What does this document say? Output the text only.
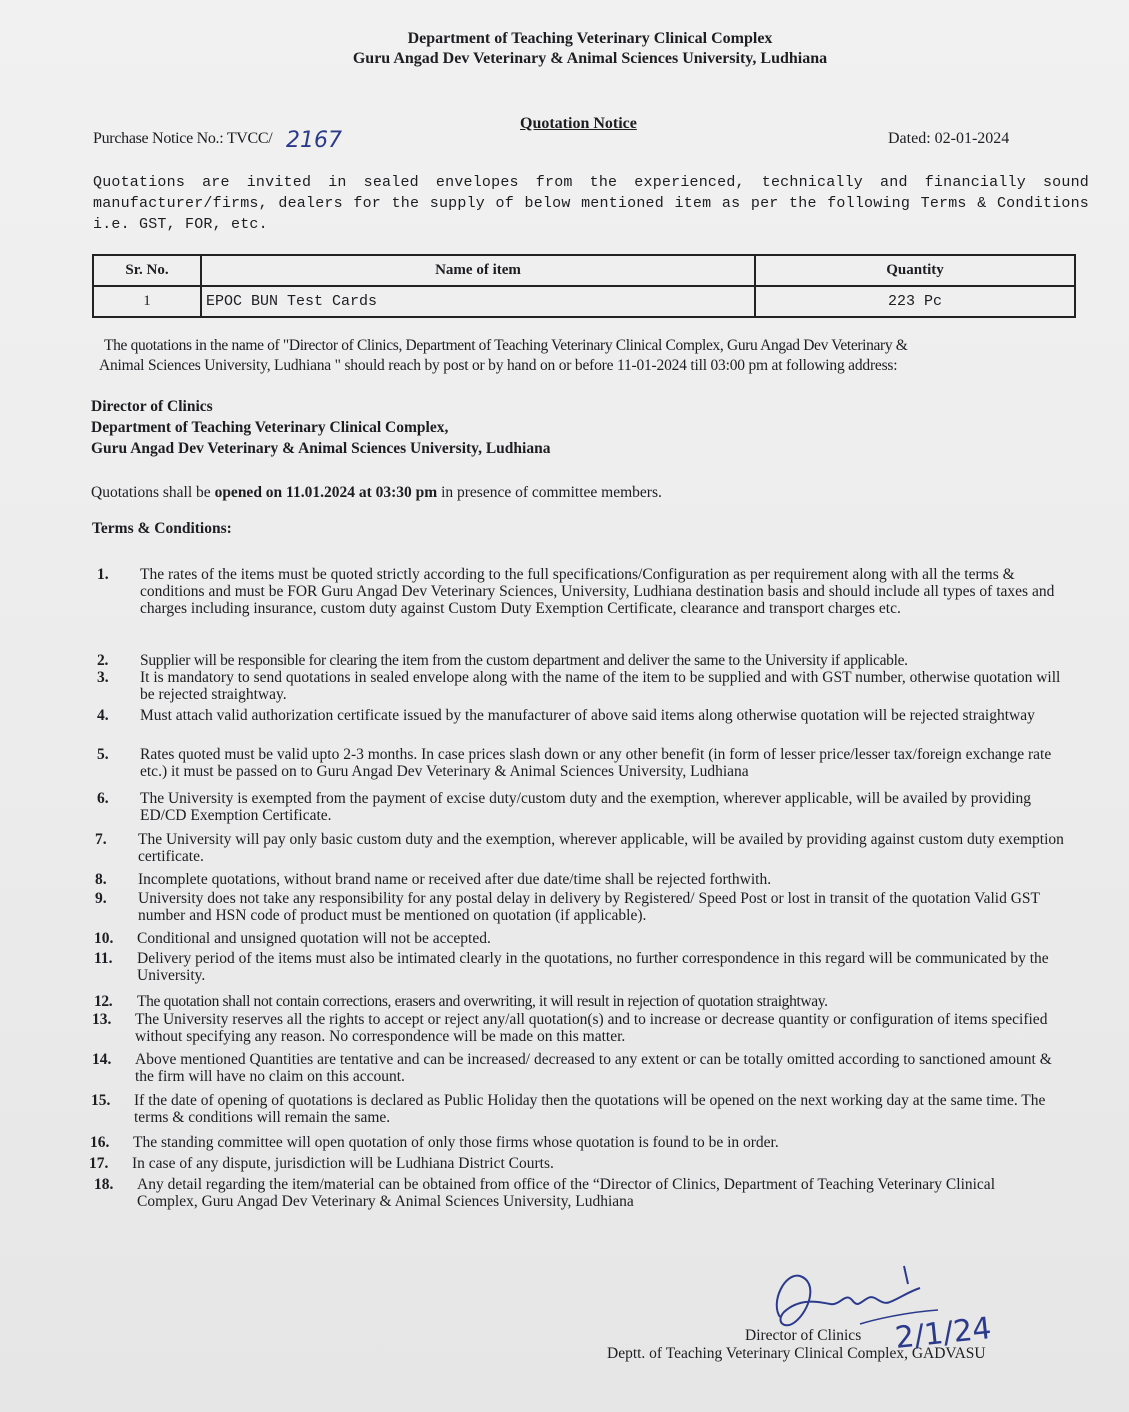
Department of Teaching Veterinary Clinical Complex
Guru Angad Dev Veterinary & Animal Sciences University, Ludhiana
Quotation Notice
Purchase Notice No.: TVCC/ 2167	Dated: 02-01-2024
Quotations are invited in sealed envelopes from the experienced, technically and financially sound manufacturer/firms, dealers for the supply of below mentioned item as per the following Terms & Conditions i.e. GST, FOR, etc.
Sr. No.	Name of item	Quantity
1	EPOC BUN Test Cards	223 Pc
The quotations in the name of "Director of Clinics, Department of Teaching Veterinary Clinical Complex, Guru Angad Dev Veterinary &
Animal Sciences University, Ludhiana " should reach by post or by hand on or before 11-01-2024 till 03:00 pm at following address:
Director of Clinics
Department of Teaching Veterinary Clinical Complex,
Guru Angad Dev Veterinary & Animal Sciences University, Ludhiana
Quotations shall be opened on 11.01.2024 at 03:30 pm in presence of committee members.
Terms & Conditions:
1.	The rates of the items must be quoted strictly according to the full specifications/Configuration as per requirement along with all the terms & conditions and must be FOR Guru Angad Dev Veterinary Sciences, University, Ludhiana destination basis and should include all types of taxes and charges including insurance, custom duty against Custom Duty Exemption Certificate, clearance and transport charges etc.
2.	Supplier will be responsible for clearing the item from the custom department and deliver the same to the University if applicable.
3.	It is mandatory to send quotations in sealed envelope along with the name of the item to be supplied and with GST number, otherwise quotation will be rejected straightway.
4.	Must attach valid authorization certificate issued by the manufacturer of above said items along otherwise quotation will be rejected straightway
5.	Rates quoted must be valid upto 2-3 months. In case prices slash down or any other benefit (in form of lesser price/lesser tax/foreign exchange rate etc.) it must be passed on to Guru Angad Dev Veterinary & Animal Sciences University, Ludhiana
6.	The University is exempted from the payment of excise duty/custom duty and the exemption, wherever applicable, will be availed by providing ED/CD Exemption Certificate.
7.	The University will pay only basic custom duty and the exemption, wherever applicable, will be availed by providing against custom duty exemption certificate.
8.	Incomplete quotations, without brand name or received after due date/time shall be rejected forthwith.
9.	University does not take any responsibility for any postal delay in delivery by Registered/ Speed Post or lost in transit of the quotation Valid GST number and HSN code of product must be mentioned on quotation (if applicable).
10.	Conditional and unsigned quotation will not be accepted.
11.	Delivery period of the items must also be intimated clearly in the quotations, no further correspondence in this regard will be communicated by the University.
12.	The quotation shall not contain corrections, erasers and overwriting, it will result in rejection of quotation straightway.
13.	The University reserves all the rights to accept or reject any/all quotation(s) and to increase or decrease quantity or configuration of items specified without specifying any reason. No correspondence will be made on this matter.
14.	Above mentioned Quantities are tentative and can be increased/ decreased to any extent or can be totally omitted according to sanctioned amount & the firm will have no claim on this account.
15.	If the date of opening of quotations is declared as Public Holiday then the quotations will be opened on the next working day at the same time. The terms & conditions will remain the same.
16.	The standing committee will open quotation of only those firms whose quotation is found to be in order.
17.	In case of any dispute, jurisdiction will be Ludhiana District Courts.
18.	Any detail regarding the item/material can be obtained from office of the “Director of Clinics, Department of Teaching Veterinary Clinical Complex, Guru Angad Dev Veterinary & Animal Sciences University, Ludhiana
Director of Clinics
Deptt. of Teaching Veterinary Clinical Complex, GADVASU
2/1/24
